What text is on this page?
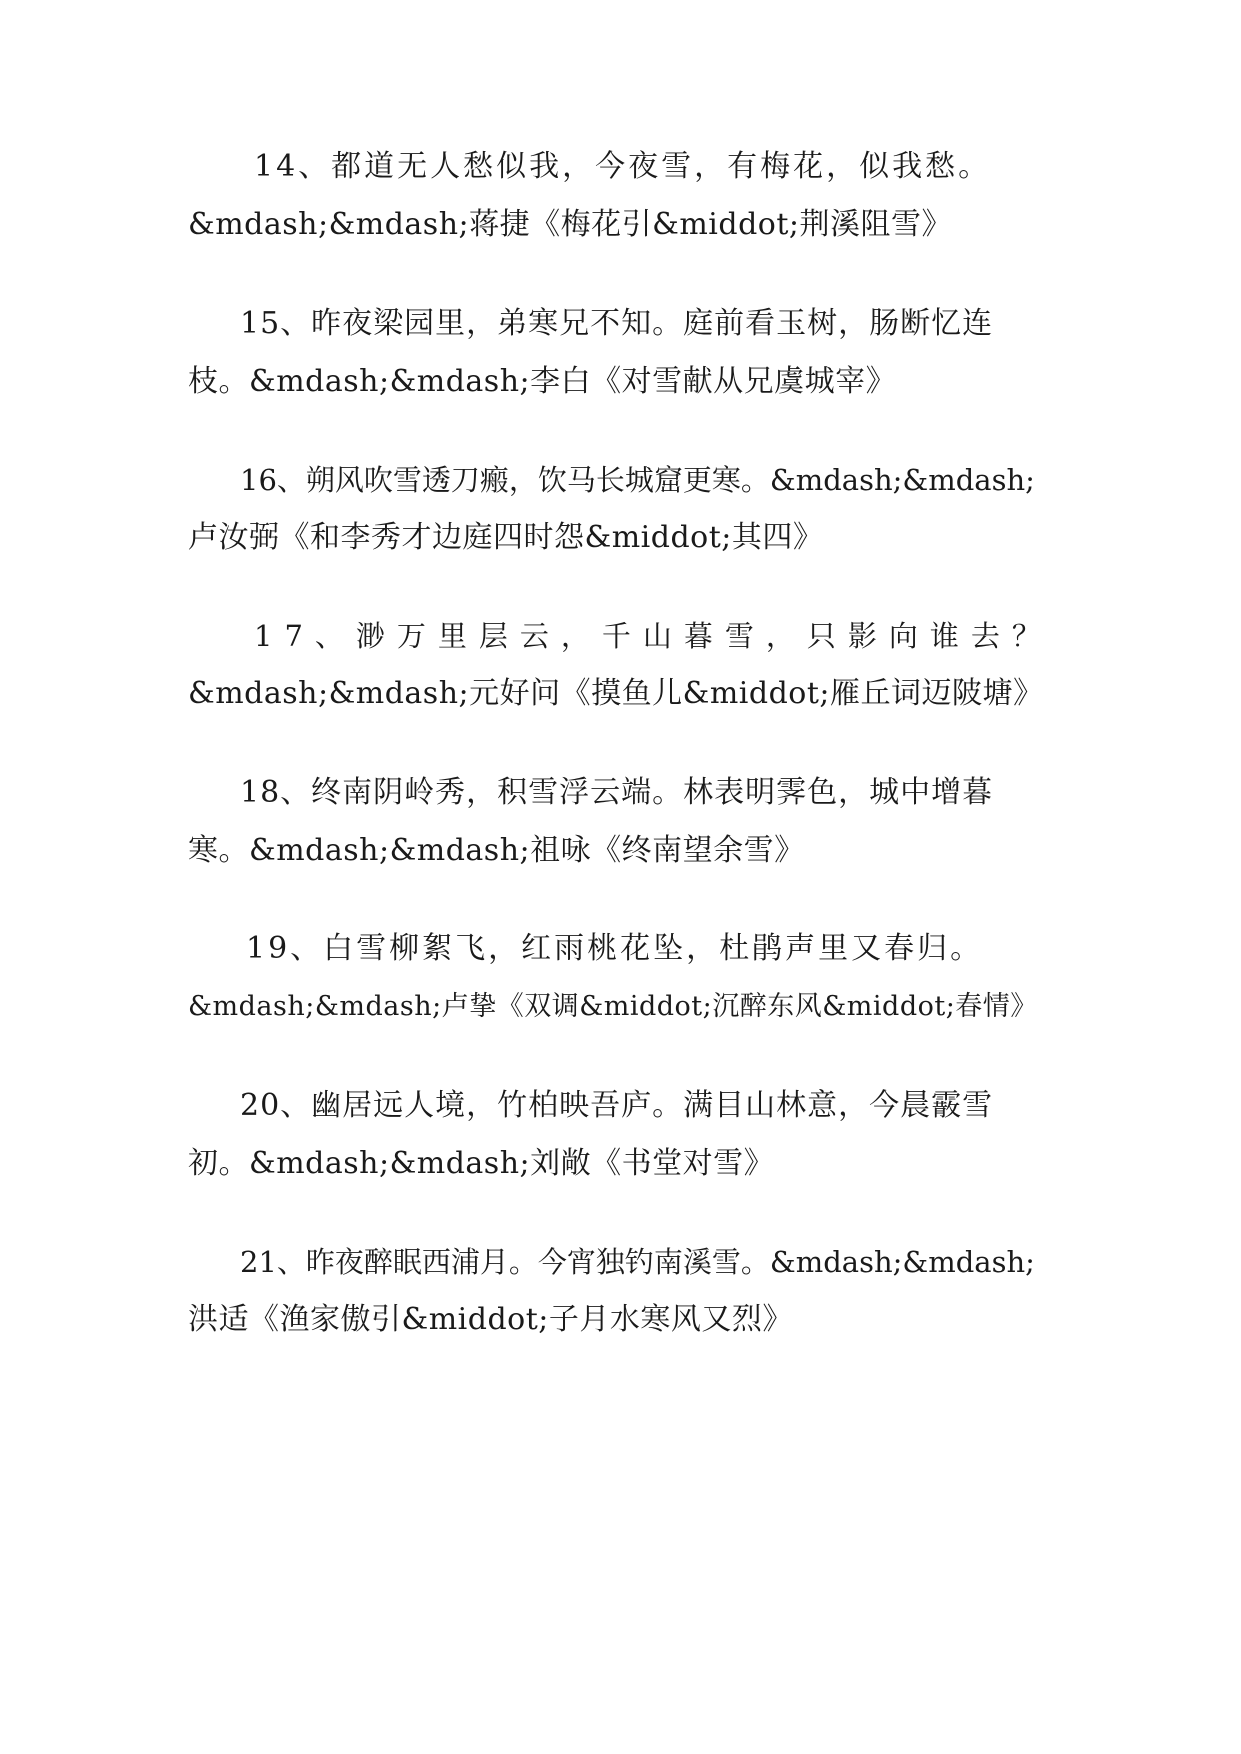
14、都道无人愁似我，今夜雪，有梅花，似我愁。
&mdash;&mdash;蒋捷《梅花引&middot;荆溪阻雪》
15、昨夜梁园里，弟寒兄不知。庭前看玉树，肠断忆连
枝。&mdash;&mdash;李白《对雪献从兄虞城宰》
16、朔风吹雪透刀瘢，饮马长城窟更寒。&mdash;&mdash;
卢汝弼《和李秀才边庭四时怨&middot;其四》
17、渺万里层云，千山暮雪，只影向谁去？
&mdash;&mdash;元好问《摸鱼儿&middot;雁丘词迈陂塘》
18、终南阴岭秀，积雪浮云端。林表明霁色，城中增暮
寒。&mdash;&mdash;祖咏《终南望余雪》
19、白雪柳絮飞，红雨桃花坠，杜鹃声里又春归。
&mdash;&mdash;卢挚《双调&middot;沉醉东风&middot;春情》
20、幽居远人境，竹柏映吾庐。满目山林意，今晨霰雪
初。&mdash;&mdash;刘敞《书堂对雪》
21、昨夜醉眠西浦月。今宵独钓南溪雪。&mdash;&mdash;
洪适《渔家傲引&middot;子月水寒风又烈》
